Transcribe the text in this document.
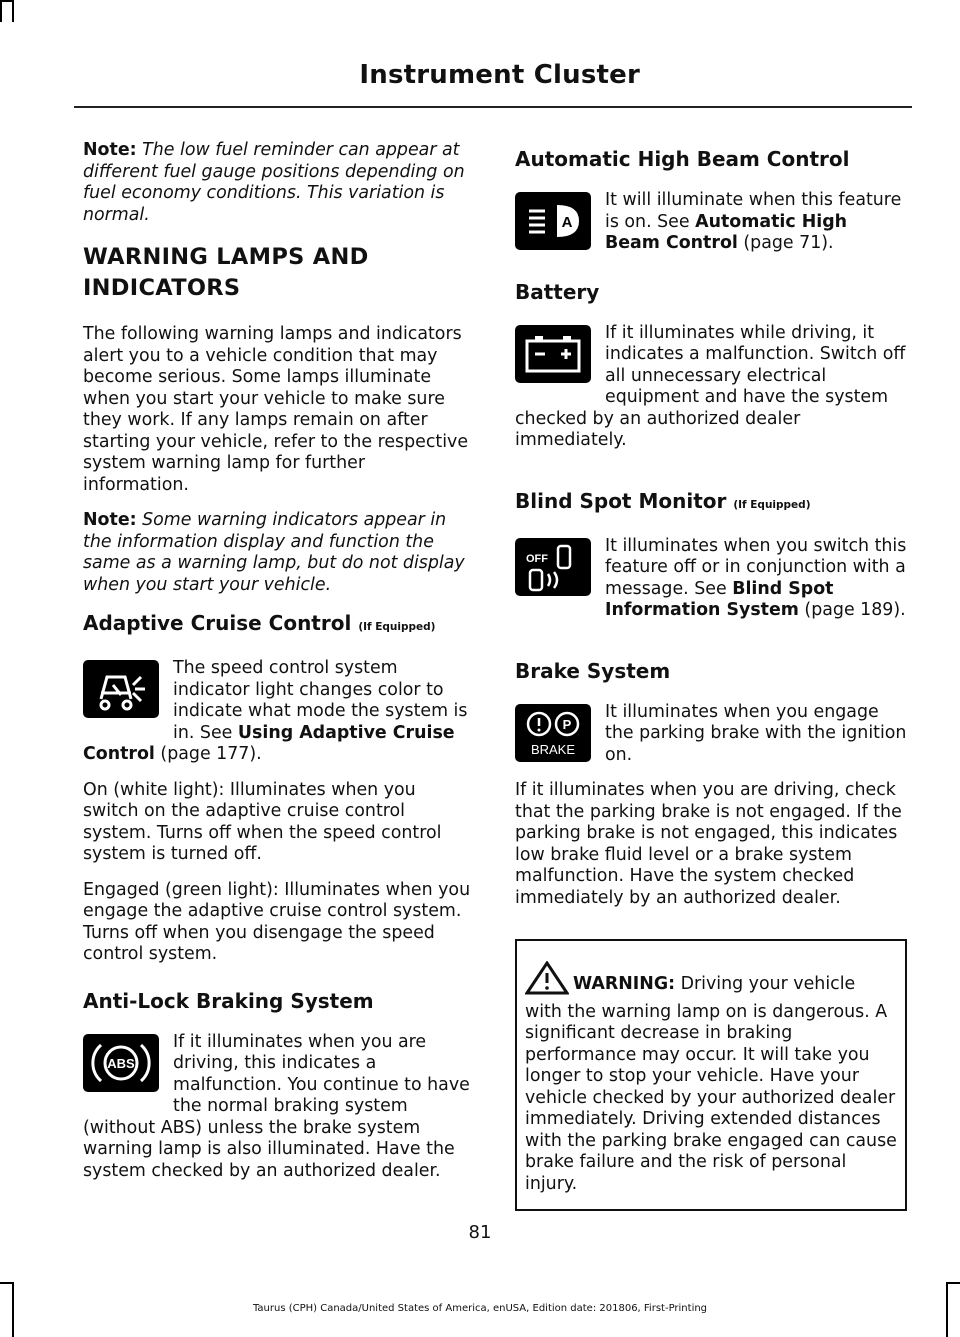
Instrument Cluster

Note: The low fuel reminder can appear at different fuel gauge positions depending on fuel economy conditions. This variation is normal.

WARNING LAMPS AND
INDICATORS

The following warning lamps and indicators alert you to a vehicle condition that may become serious. Some lamps illuminate when you start your vehicle to make sure they work. If any lamps remain on after starting your vehicle, refer to the respective system warning lamp for further information.

Note: Some warning indicators appear in the information display and function the same as a warning lamp, but do not display when you start your vehicle.

Adaptive Cruise Control (If Equipped)

The speed control system indicator light changes color to indicate what mode the system is in. See Using Adaptive Cruise Control (page 177).

On (white light): Illuminates when you switch on the adaptive cruise control system. Turns off when the speed control system is turned off.

Engaged (green light): Illuminates when you engage the adaptive cruise control system. Turns off when you disengage the speed control system.

Anti-Lock Braking System
ABS

If it illuminates when you are driving, this indicates a malfunction. You continue to have the normal braking system (without ABS) unless the brake system warning lamp is also illuminated. Have the system checked by an authorized dealer.

Automatic High Beam Control
A

It will illuminate when this feature is on. See Automatic High Beam Control (page 71).

Battery

If it illuminates while driving, it indicates a malfunction. Switch off all unnecessary electrical equipment and have the system checked by an authorized dealer immediately.

Blind Spot Monitor (If Equipped)
OFF

It illuminates when you switch this feature off or in conjunction with a message. See Blind Spot Information System (page 189).

Brake System
P
BRAKE

It illuminates when you engage the parking brake with the ignition on.

If it illuminates when you are driving, check that the parking brake is not engaged. If the parking brake is not engaged, this indicates low brake fluid level or a brake system malfunction. Have the system checked immediately by an authorized dealer.

WARNING: Driving your vehicle with the warning lamp on is dangerous. A significant decrease in braking performance may occur. It will take you longer to stop your vehicle. Have your vehicle checked by your authorized dealer immediately. Driving extended distances with the parking brake engaged can cause brake failure and the risk of personal injury.
81
Taurus (CPH) Canada/United States of America, enUSA, Edition date: 201806, First-Printing
